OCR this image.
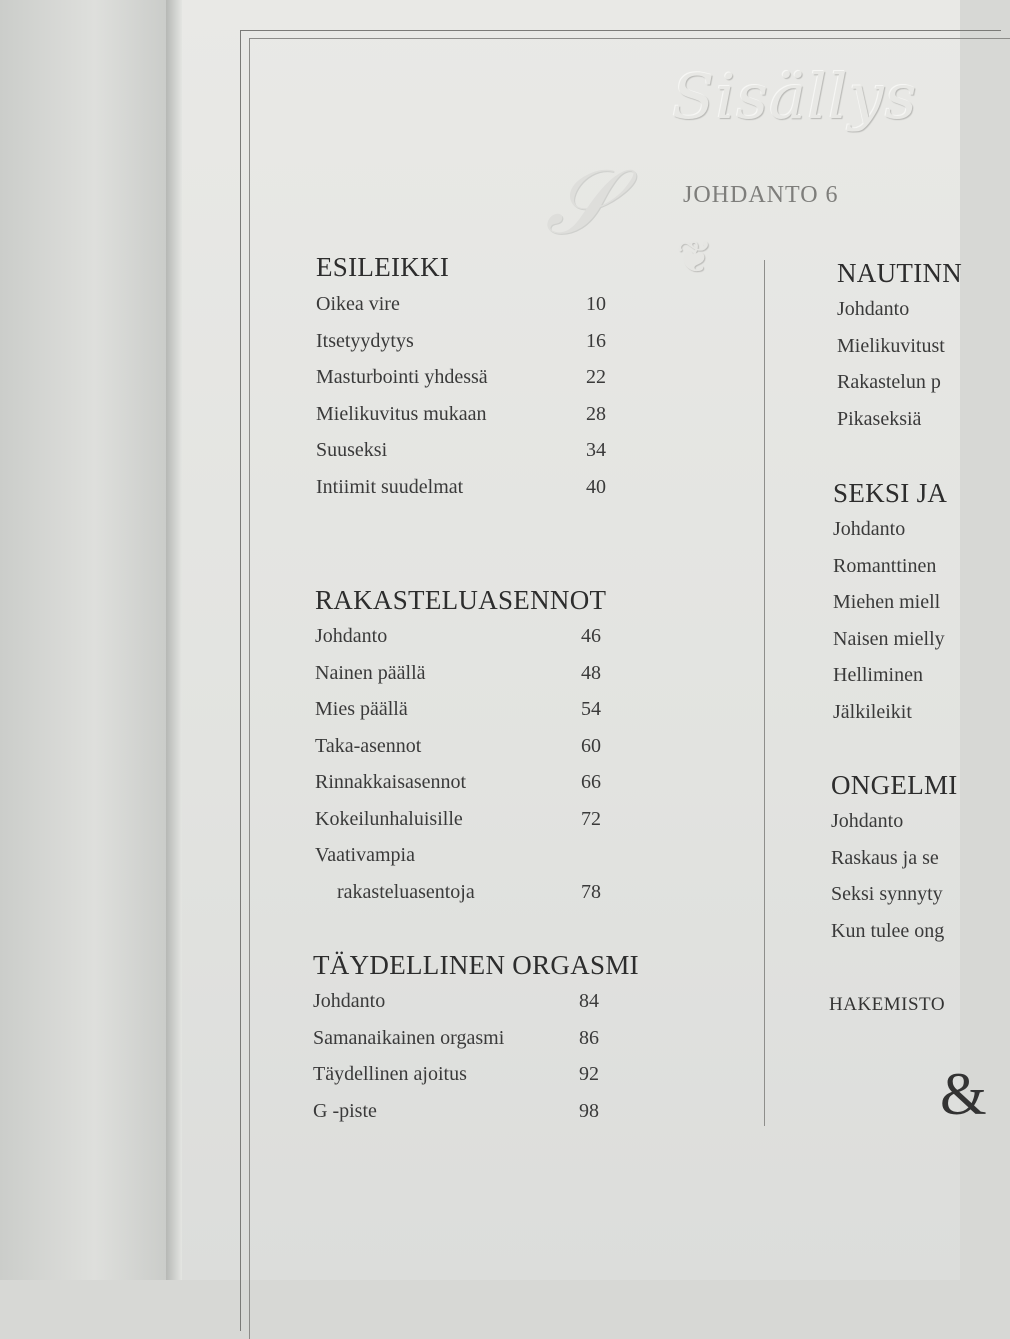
𝒮
Sisällys
❦
JOHDANTO 6
ESILEIKKI
Oikea vire	10
Itsetyydytys	16
Masturbointi yhdessä	22
Mielikuvitus mukaan	28
Suuseksi	34
Intiimit suudelmat	40
RAKASTELUASENNOT
Johdanto	46
Nainen päällä	48
Mies päällä	54
Taka-asennot	60
Rinnakkaisasennot	66
Kokeilunhaluisille	72
Vaativampia
rakasteluasentoja	78
TÄYDELLINEN ORGASMI
Johdanto	84
Samanaikainen orgasmi	86
Täydellinen ajoitus	92
G -piste	98
NAUTINN
Johdanto
Mielikuvitust
Rakastelun p
Pikaseksiä
SEKSI JA
Johdanto
Romanttinen
Miehen miell
Naisen mielly
Helliminen
Jälkileikit
ONGELMI
Johdanto
Raskaus ja se
Seksi synnyty
Kun tulee ong
HAKEMISTO
&
